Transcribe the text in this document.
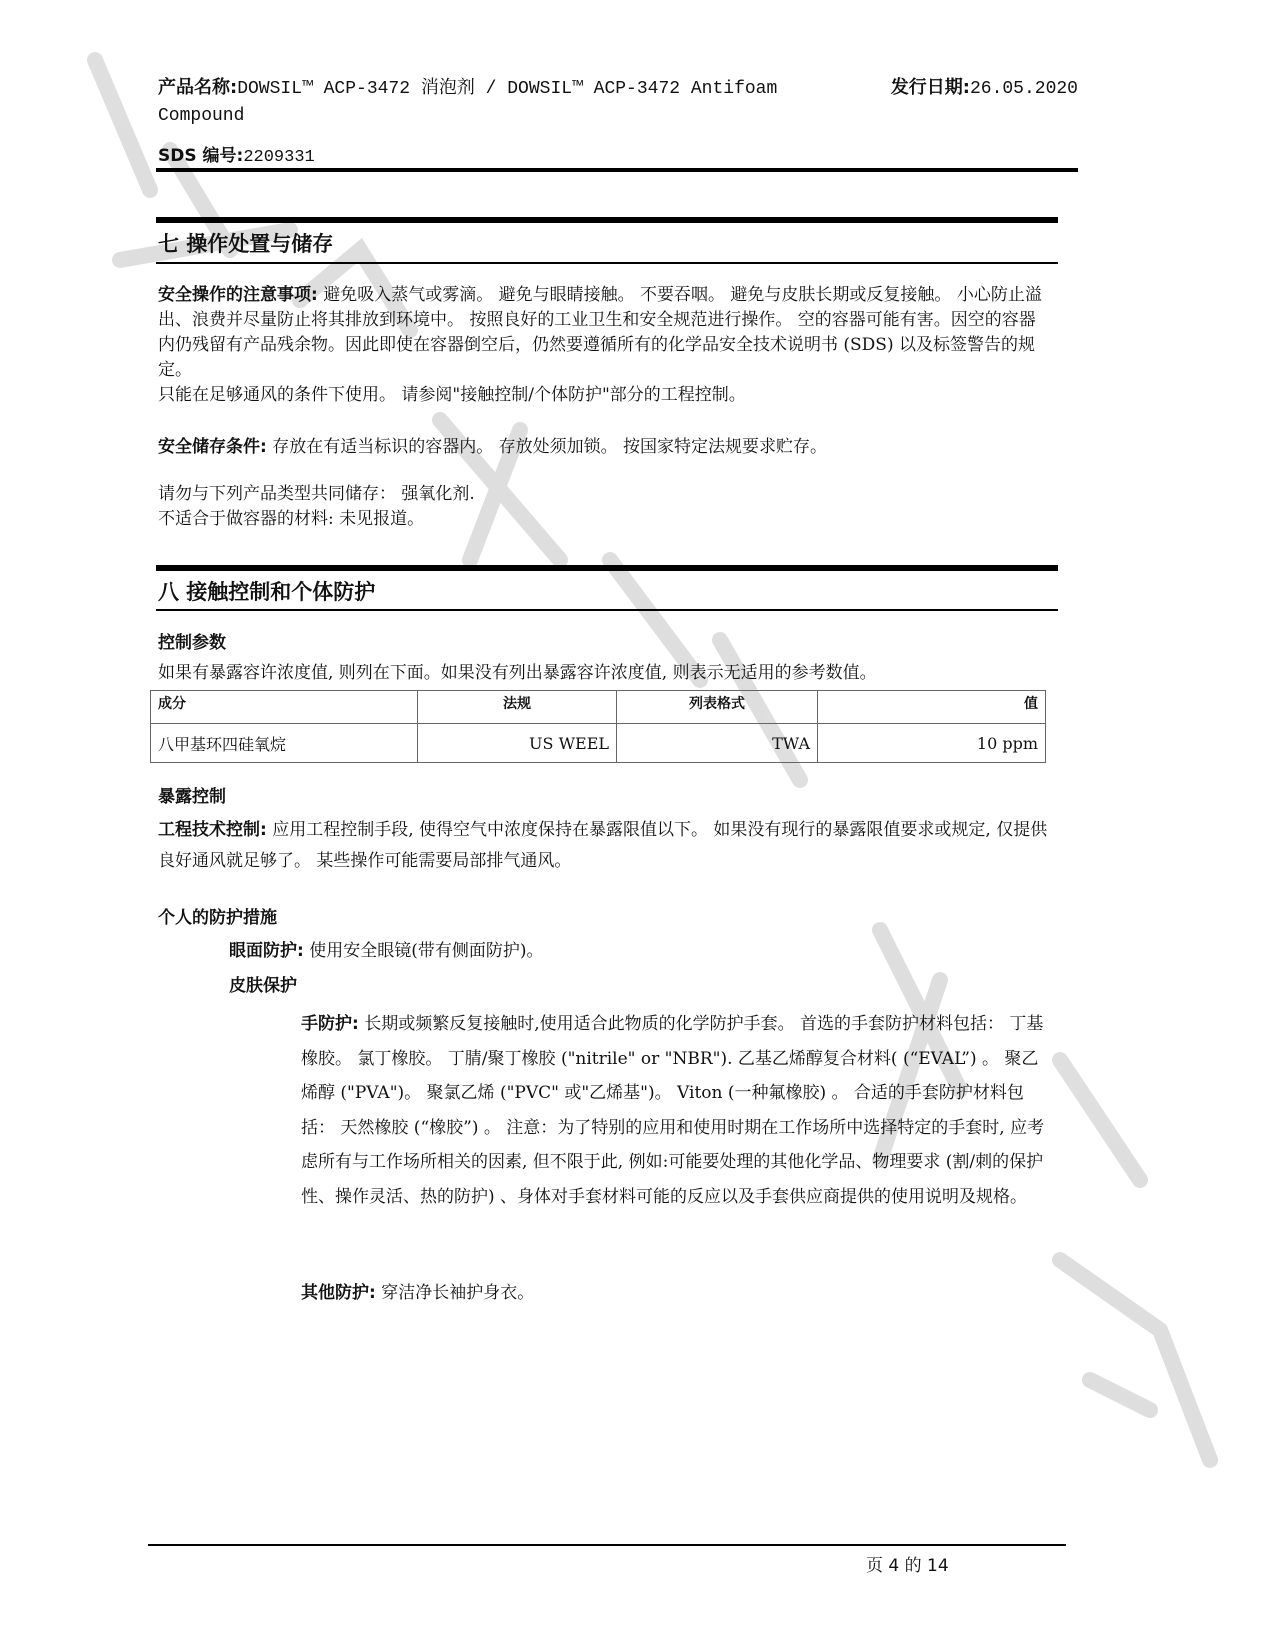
产品名称:DOWSIL™ ACP-3472 消泡剂 / DOWSIL™ ACP-3472 Antifoam Compound
发行日期:26.05.2020
SDS 编号:2209331
七 操作处置与储存
安全操作的注意事项: 避免吸入蒸气或雾滴。 避免与眼睛接触。 不要吞咽。 避免与皮肤长期或反复接触。 小心防止溢出、浪费并尽量防止将其排放到环境中。 按照良好的工业卫生和安全规范进行操作。 空的容器可能有害。因空的容器内仍残留有产品残余物。因此即使在容器倒空后，仍然要遵循所有的化学品安全技术说明书 (SDS) 以及标签警告的规定。
只能在足够通风的条件下使用。 请参阅"接触控制/个体防护"部分的工程控制。
安全储存条件: 存放在有适当标识的容器内。 存放处须加锁。 按国家特定法规要求贮存。
请勿与下列产品类型共同储存： 强氧化剂.
不适合于做容器的材料: 未见报道。
八 接触控制和个体防护
控制参数
如果有暴露容许浓度值, 则列在下面。如果没有列出暴露容许浓度值, 则表示无适用的参考数值。
成分	法规	列表格式	值
八甲基环四硅氧烷	US WEEL	TWA	10 ppm
暴露控制
工程技术控制: 应用工程控制手段, 使得空气中浓度保持在暴露限值以下。 如果没有现行的暴露限值要求或规定, 仅提供良好通风就足够了。 某些操作可能需要局部排气通风。
个人的防护措施
眼面防护: 使用安全眼镜(带有侧面防护)。
皮肤保护
手防护: 长期或频繁反复接触时,使用适合此物质的化学防护手套。 首选的手套防护材料包括： 丁基橡胶。 氯丁橡胶。 丁腈/聚丁橡胶 ("nitrile" or "NBR"). 乙基乙烯醇复合材料( (“EVAL”) 。 聚乙烯醇 ("PVA")。 聚氯乙烯 ("PVC" 或"乙烯基")。 Viton (一种氟橡胶) 。 合适的手套防护材料包括： 天然橡胶 (“橡胶”) 。 注意：为了特别的应用和使用时期在工作场所中选择特定的手套时, 应考虑所有与工作场所相关的因素, 但不限于此, 例如:可能要处理的其他化学品、物理要求 (割/刺的保护性、操作灵活、热的防护) 、身体对手套材料可能的反应以及手套供应商提供的使用说明及规格。
其他防护: 穿洁净长袖护身衣。
页 4 的 14
